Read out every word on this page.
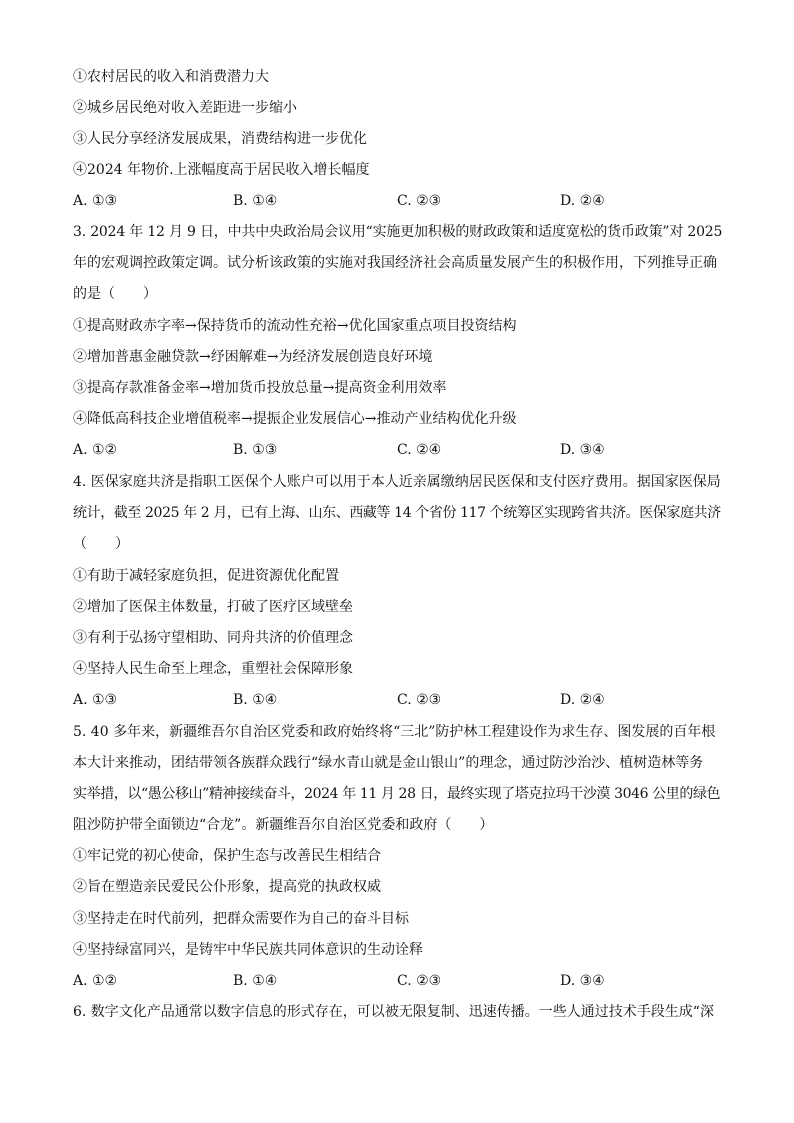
①农村居民的收入和消费潜力大
②城乡居民绝对收入差距进一步缩小
③人民分享经济发展成果，消费结构进一步优化
④2024 年物价.上涨幅度高于居民收入增长幅度
A. ①③	B. ①④	C. ②③	D. ②④
3. 2024 年 12 月 9 日，中共中央政治局会议用“实施更加积极的财政政策和适度宽松的货币政策”对 2025
年的宏观调控政策定调。试分析该政策的实施对我国经济社会高质量发展产生的积极作用，下列推导正确
的是（　　）
①提高财政赤字率→保持货币的流动性充裕→优化国家重点项目投资结构
②增加普惠金融贷款→纾困解难→为经济发展创造良好环境
③提高存款准备金率→增加货币投放总量→提高资金利用效率
④降低高科技企业增值税率→提振企业发展信心→推动产业结构优化升级
A. ①②	B. ①③	C. ②④	D. ③④
4. 医保家庭共济是指职工医保个人账户可以用于本人近亲属缴纳居民医保和支付医疗费用。据国家医保局
统计，截至 2025 年 2 月，已有上海、山东、西藏等 14 个省份 117 个统筹区实现跨省共济。医保家庭共济
（　　）
①有助于减轻家庭负担，促进资源优化配置
②增加了医保主体数量，打破了医疗区域壁垒
③有利于弘扬守望相助、同舟共济的价值理念
④坚持人民生命至上理念，重塑社会保障形象
A. ①③	B. ①④	C. ②③	D. ②④
5. 40 多年来，新疆维吾尔自治区党委和政府始终将“三北”防护林工程建设作为求生存、图发展的百年根
本大计来推动，团结带领各族群众践行“绿水青山就是金山银山”的理念，通过防沙治沙、植树造林等务
实举措，以“愚公移山”精神接续奋斗，2024 年 11 月 28 日，最终实现了塔克拉玛干沙漠 3046 公里的绿色
阻沙防护带全面锁边“合龙”。新疆维吾尔自治区党委和政府（　　）
①牢记党的初心使命，保护生态与改善民生相结合
②旨在塑造亲民爱民公仆形象，提高党的执政权威
③坚持走在时代前列，把群众需要作为自己的奋斗目标
④坚持绿富同兴，是铸牢中华民族共同体意识的生动诠释
A. ①②	B. ①④	C. ②③	D. ③④
6. 数字文化产品通常以数字信息的形式存在，可以被无限复制、迅速传播。一些人通过技术手段生成“深
